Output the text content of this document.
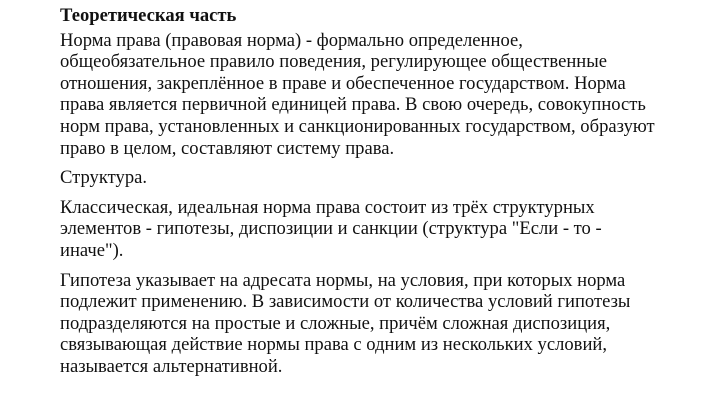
Теоретическая часть
Норма права (правовая норма) - формально определенное,
общеобязательное правило поведения, регулирующее общественные
отношения, закреплённое в праве и обеспеченное государством. Норма
права является первичной единицей права. В свою очередь, совокупность
норм права, установленных и санкционированных государством, образуют
право в целом, составляют систему права.
Структура.
Классическая, идеальная норма права состоит из трёх структурных
элементов - гипотезы, диспозиции и санкции (структура "Если - то -
иначе").
Гипотеза указывает на адресата нормы, на условия, при которых норма
подлежит применению. В зависимости от количества условий гипотезы
подразделяются на простые и сложные, причём сложная диспозиция,
связывающая действие нормы права с одним из нескольких условий,
называется альтернативной.
